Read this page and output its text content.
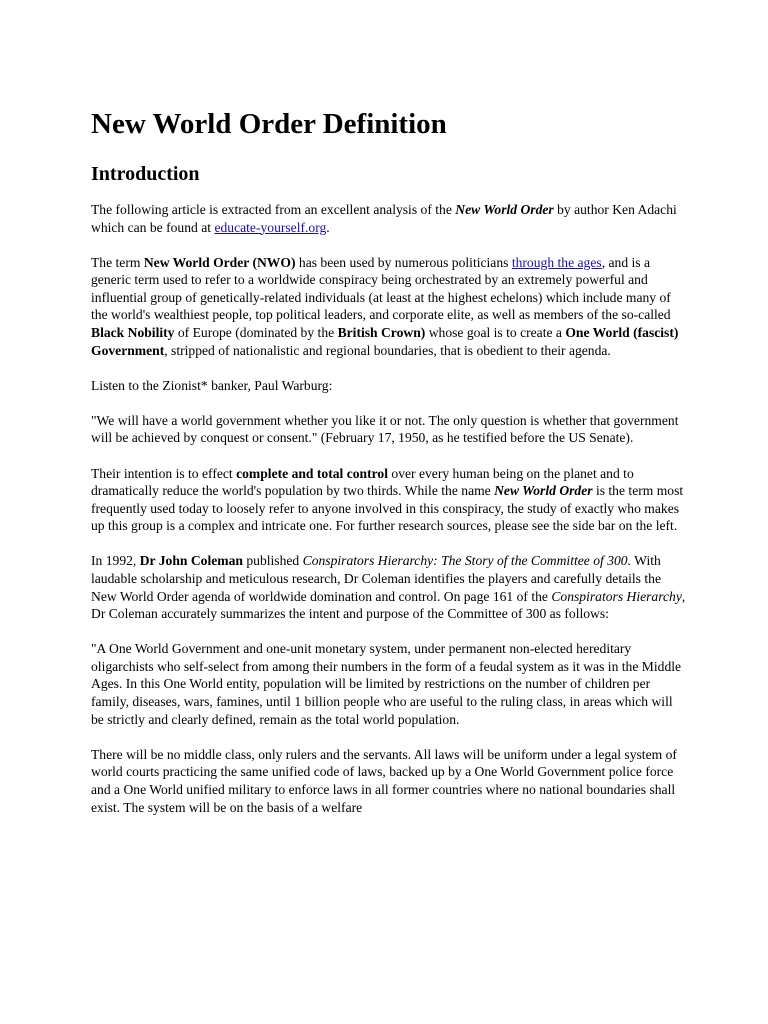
New World Order Definition
Introduction

The following article is extracted from an excellent analysis of the New World Order by author Ken Adachi which can be found at educate-yourself.org.

The term New World Order (NWO) has been used by numerous politicians through the ages, and is a generic term used to refer to a worldwide conspiracy being orchestrated by an extremely powerful and influential group of genetically-related individuals (at least at the highest echelons) which include many of the world's wealthiest people, top political leaders, and corporate elite, as well as members of the so-called Black Nobility of Europe (dominated by the British Crown) whose goal is to create a One World (fascist) Government, stripped of nationalistic and regional boundaries, that is obedient to their agenda.

Listen to the Zionist* banker, Paul Warburg:

"We will have a world government whether you like it or not. The only question is whether that government will be achieved by conquest or consent." (February 17, 1950, as he testified before the US Senate).

Their intention is to effect complete and total control over every human being on the planet and to dramatically reduce the world's population by two thirds. While the name New World Order is the term most frequently used today to loosely refer to anyone involved in this conspiracy, the study of exactly who makes up this group is a complex and intricate one. For further research sources, please see the side bar on the left.

In 1992, Dr John Coleman published Conspirators Hierarchy: The Story of the Committee of 300. With laudable scholarship and meticulous research, Dr Coleman identifies the players and carefully details the New World Order agenda of worldwide domination and control. On page 161 of the Conspirators Hierarchy, Dr Coleman accurately summarizes the intent and purpose of the Committee of 300 as follows:

"A One World Government and one-unit monetary system, under permanent non-elected hereditary oligarchists who self-select from among their numbers in the form of a feudal system as it was in the Middle Ages. In this One World entity, population will be limited by restrictions on the number of children per family, diseases, wars, famines, until 1 billion people who are useful to the ruling class, in areas which will be strictly and clearly defined, remain as the total world population.

There will be no middle class, only rulers and the servants. All laws will be uniform under a legal system of world courts practicing the same unified code of laws, backed up by a One World Government police force and a One World unified military to enforce laws in all former countries where no national boundaries shall exist. The system will be on the basis of a welfare
